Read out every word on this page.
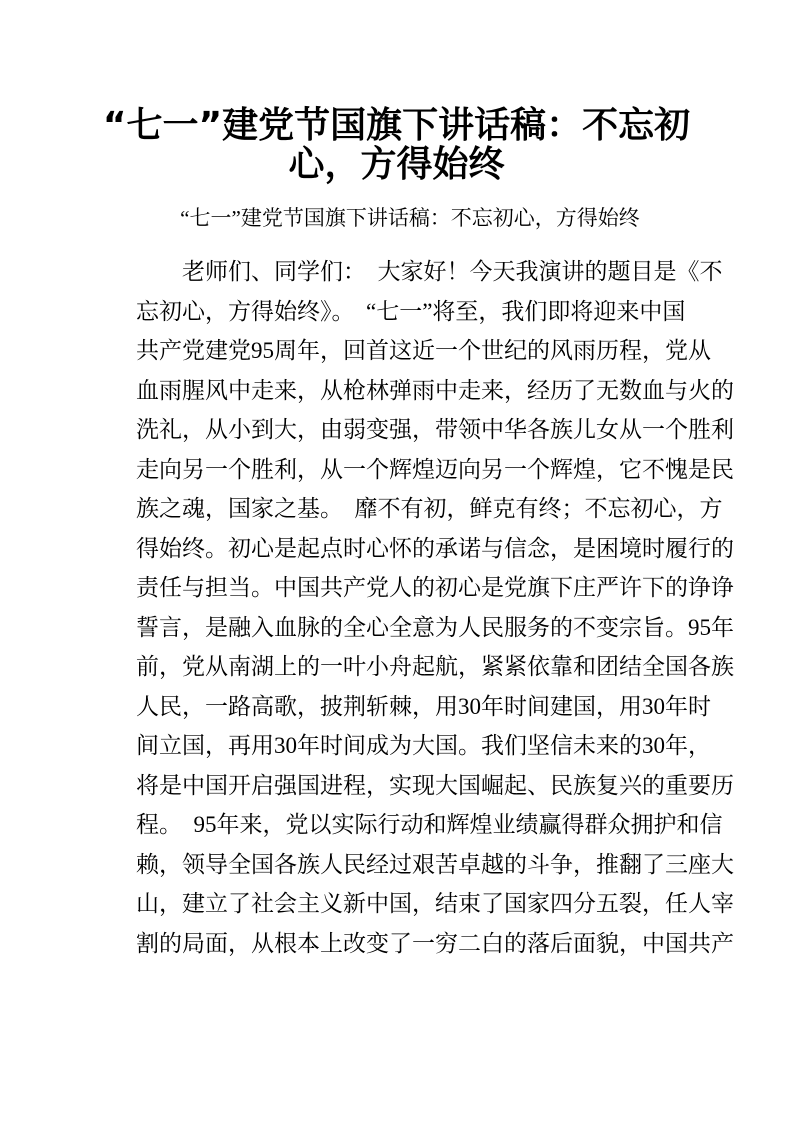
“七一”建党节国旗下讲话稿：不忘初
心，方得始终
“七一”建党节国旗下讲话稿：不忘初心，方得始终
老师们、同学们：　大家好！今天我演讲的题目是《不
忘初心，方得始终》。　“七一”将至，我们即将迎来中国
共产党建党95周年，回首这近一个世纪的风雨历程，党从
血雨腥风中走来，从枪林弹雨中走来，经历了无数血与火的
洗礼，从小到大，由弱变强，带领中华各族儿女从一个胜利
走向另一个胜利，从一个辉煌迈向另一个辉煌，它不愧是民
族之魂，国家之基。　靡不有初，鲜克有终；不忘初心，方
得始终。初心是起点时心怀的承诺与信念，是困境时履行的
责任与担当。中国共产党人的初心是党旗下庄严许下的诤诤
誓言，是融入血脉的全心全意为人民服务的不变宗旨。95年
前，党从南湖上的一叶小舟起航，紧紧依靠和团结全国各族
人民，一路高歌，披荆斩棘，用30年时间建国，用30年时
间立国，再用30年时间成为大国。我们坚信未来的30年，
将是中国开启强国进程，实现大国崛起、民族复兴的重要历
程。　95年来，党以实际行动和辉煌业绩赢得群众拥护和信
赖，领导全国各族人民经过艰苦卓越的斗争，推翻了三座大
山，建立了社会主义新中国，结束了国家四分五裂，任人宰
割的局面，从根本上改变了一穷二白的落后面貌，中国共产
